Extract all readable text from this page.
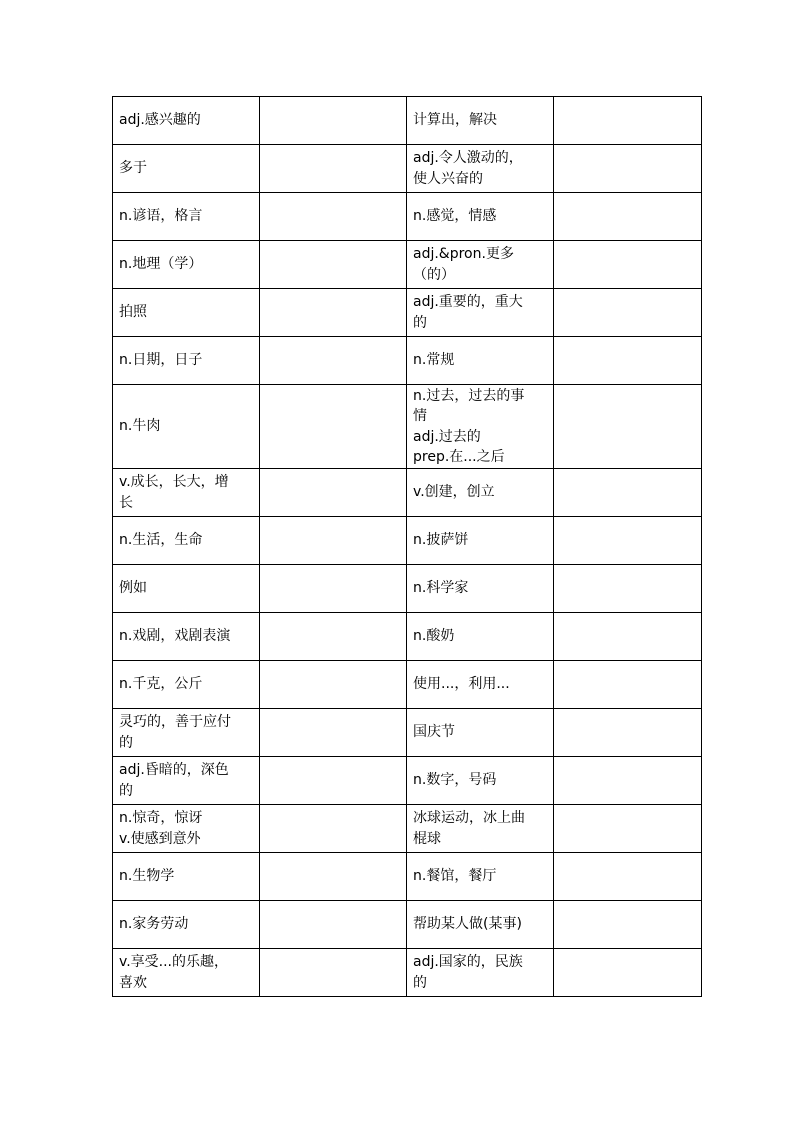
adj.感兴趣的		计算出，解决	
多于		adj.令人激动的，
使人兴奋的	
n.谚语，格言		n.感觉，情感	
n.地理（学）		adj.&pron.更多
（的）	
拍照		adj.重要的，重大
的	
n.日期，日子		n.常规	
n.牛肉		n.过去，过去的事
情
adj.过去的
prep.在...之后	
v.成长，长大，增
长		v.创建，创立	
n.生活，生命		n.披萨饼	
例如		n.科学家	
n.戏剧，戏剧表演		n.酸奶	
n.千克，公斤		使用...，利用...	
灵巧的，善于应付
的		国庆节	
adj.昏暗的，深色
的		n.数字，号码	
n.惊奇，惊讶
v.使感到意外		冰球运动，冰上曲
棍球	
n.生物学		n.餐馆，餐厅	
n.家务劳动		帮助某人做(某事)	
v.享受...的乐趣，
喜欢		adj.国家的，民族
的	
